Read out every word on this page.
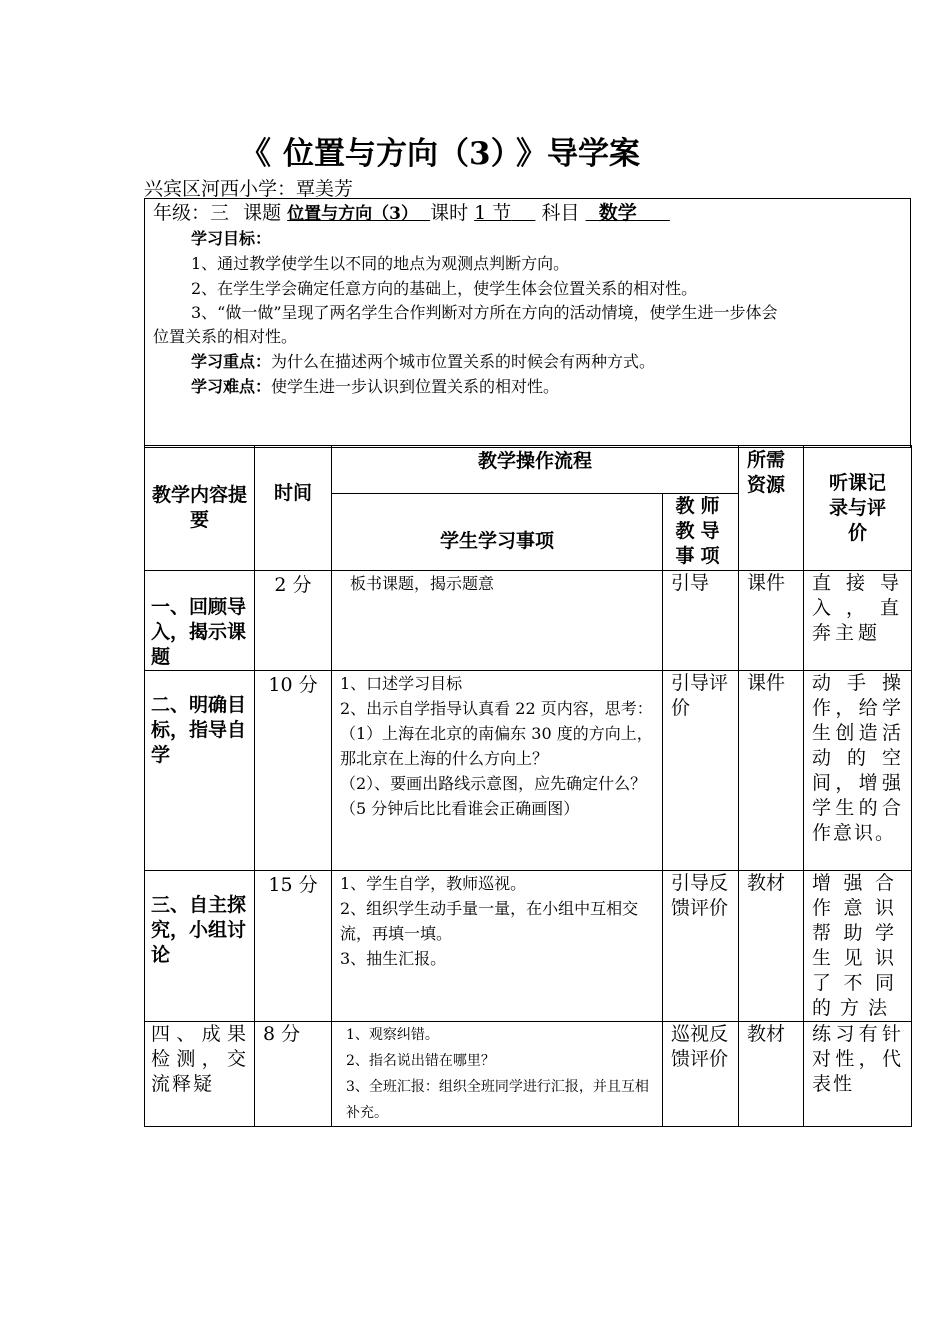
《 位置与方向（3）
》导学案
兴宾区河西小学：覃美芳
年级：三 课题 位置与方向（3） 课时 1 节 科目 数学
学习目标：
1、通过教学使学生以不同的地点为观测点判断方向。
2、在学生学会确定任意方向的基础上，使学生体会位置关系的相对性。
3、“做一做”呈现了两名学生合作判断对方所在方向的活动情境，使学生进一步体会
位置关系的相对性。
学习重点：为什么在描述两个城市位置关系的时候会有两种方式。
学习难点：使学生进一步认识到位置关系的相对性。
教学内容提要	时间	教学操作流程		所需资源	听课记录与评价

		学生学习事项	教师教导事项		

一、回顾导入，揭示课题	2 分	板书课题，揭示题意	引导	课件	直接导入，直奔主题

二、明确目标，指导自学	10 分	1、口述学习目标
2、出示自学指导认真看 22 页内容，思考：
（1）上海在北京的南偏东 30 度的方向上，那北京在上海的什么方向上？
（2）、要画出路线示意图，应先确定什么？（5 分钟后比比看谁会正确画图）	引导评价	课件	动手操作，给学生创造活动的空间，增强学生的合作意识。

三、自主探究，小组讨论	15 分	1、学生自学，教师巡视。
2、组织学生动手量一量，在小组中互相交流，再填一填。
3、抽生汇报。	引导反馈评价	教材	增强合作意识帮助学生见识了不同的方法

四、成果检测，交流释疑	8 分	1、观察纠错。
2、指名说出错在哪里？
3、全班汇报：组织全班同学进行汇报，并且互相补充。	巡视反馈评价	教材	练习有针对性，代表性
